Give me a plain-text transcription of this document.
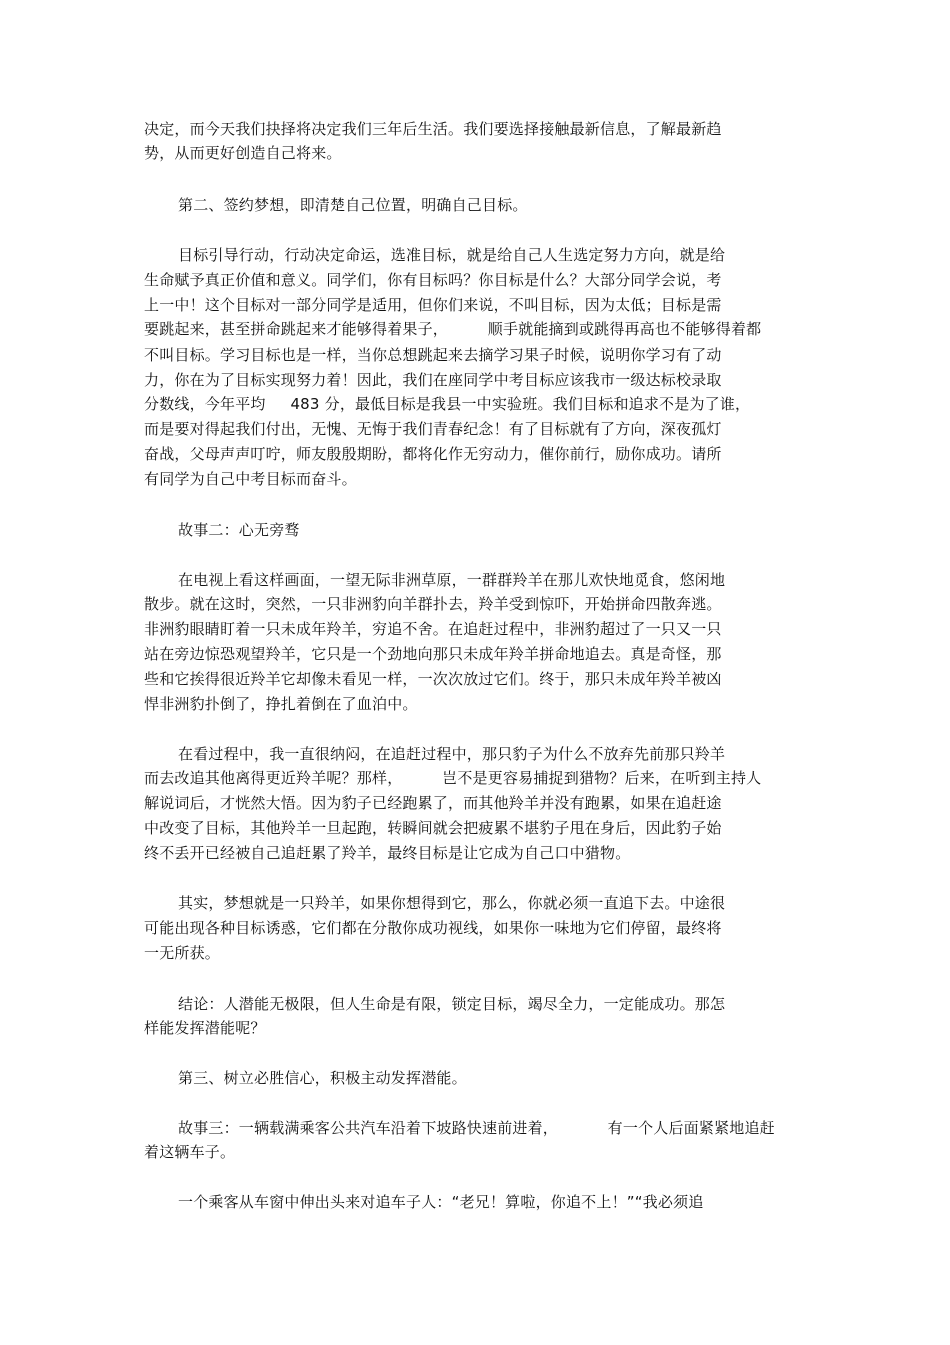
决定，而今天我们抉择将决定我们三年后生活。我们要选择接触最新信息，了解最新趋
势，从而更好创造自己将来。
第二、签约梦想，即清楚自己位置，明确自己目标。
目标引导行动，行动决定命运，选准目标，就是给自己人生选定努力方向，就是给
生命赋予真正价值和意义。同学们，你有目标吗？你目标是什么？大部分同学会说，考
上一中！这个目标对一部分同学是适用，但你们来说，不叫目标，因为太低；目标是需
要跳起来，甚至拼命跳起来才能够得着果子，        顺手就能摘到或跳得再高也不能够得着都
不叫目标。学习目标也是一样，当你总想跳起来去摘学习果子时候，说明你学习有了动
力，你在为了目标实现努力着！因此，我们在座同学中考目标应该我市一级达标校录取
分数线，今年平均     483 分，最低目标是我县一中实验班。我们目标和追求不是为了谁，
而是要对得起我们付出，无愧、无悔于我们青春纪念！有了目标就有了方向，深夜孤灯
奋战，父母声声叮咛，师友殷殷期盼，都将化作无穷动力，催你前行，励你成功。请所
有同学为自己中考目标而奋斗。
故事二：心无旁骛
在电视上看这样画面，一望无际非洲草原，一群群羚羊在那儿欢快地觅食，悠闲地
散步。就在这时，突然，一只非洲豹向羊群扑去，羚羊受到惊吓，开始拼命四散奔逃。
非洲豹眼睛盯着一只未成年羚羊，穷追不舍。在追赶过程中，非洲豹超过了一只又一只
站在旁边惊恐观望羚羊，它只是一个劲地向那只未成年羚羊拼命地追去。真是奇怪，那
些和它挨得很近羚羊它却像未看见一样，一次次放过它们。终于，那只未成年羚羊被凶
悍非洲豹扑倒了，挣扎着倒在了血泊中。
在看过程中，我一直很纳闷，在追赶过程中，那只豹子为什么不放弃先前那只羚羊
而去改追其他离得更近羚羊呢？那样，        岂不是更容易捕捉到猎物？后来，在听到主持人
解说词后，才恍然大悟。因为豹子已经跑累了，而其他羚羊并没有跑累，如果在追赶途
中改变了目标，其他羚羊一旦起跑，转瞬间就会把疲累不堪豹子甩在身后，因此豹子始
终不丢开已经被自己追赶累了羚羊，最终目标是让它成为自己口中猎物。
其实，梦想就是一只羚羊，如果你想得到它，那么，你就必须一直追下去。中途很
可能出现各种目标诱惑，它们都在分散你成功视线，如果你一味地为它们停留，最终将
一无所获。
结论：人潜能无极限，但人生命是有限，锁定目标，竭尽全力，一定能成功。那怎
样能发挥潜能呢？
第三、树立必胜信心，积极主动发挥潜能。
故事三：一辆载满乘客公共汽车沿着下坡路快速前进着，          有一个人后面紧紧地追赶
着这辆车子。
一个乘客从车窗中伸出头来对追车子人：“老兄！算啦，你追不上！”“我必须追
